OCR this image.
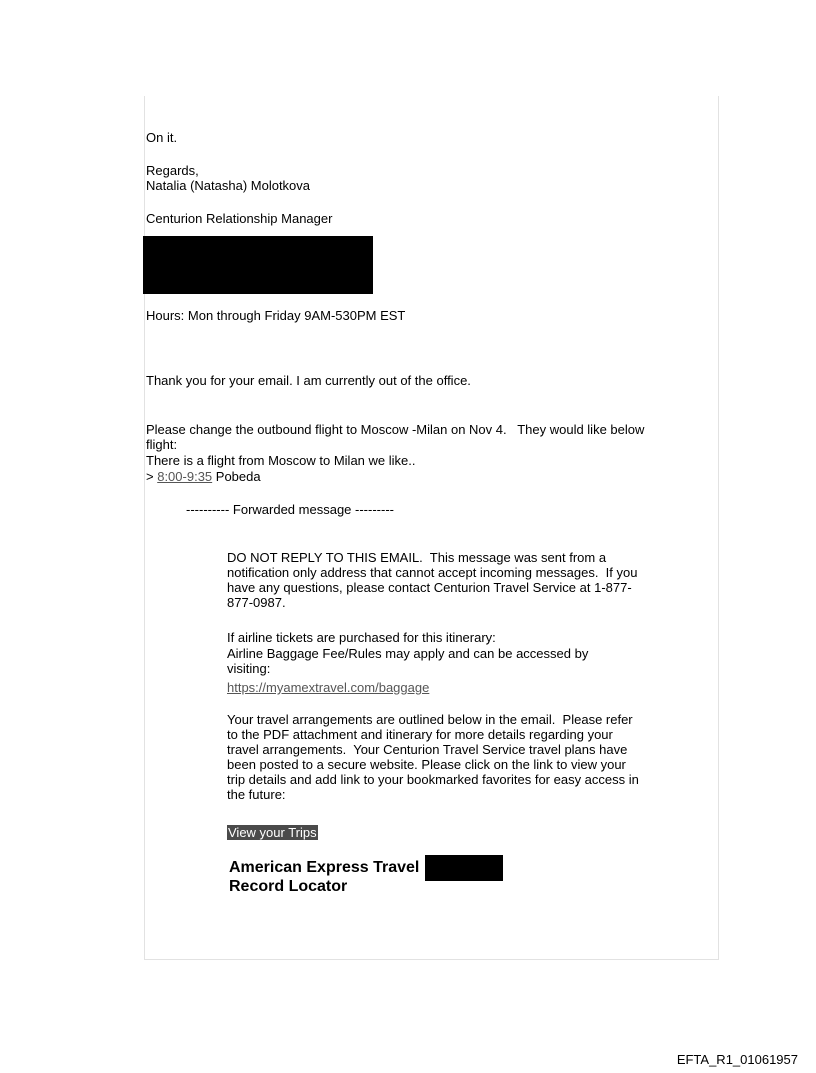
On it.

Regards,

Natalia (Natasha) Molotkova

Centurion Relationship Manager

Hours: Mon through Friday 9AM-530PM EST

Thank you for your email. I am currently out of the office.

Please change the outbound flight to Moscow -Milan on Nov 4.   They would like below

flight:

There is a flight from Moscow to Milan we like..

> 8:00-9:35 Pobeda

---------- Forwarded message ---------

DO NOT REPLY TO THIS EMAIL.  This message was sent from a notification only address that cannot accept incoming messages.  If you have any questions, please contact Centurion Travel Service at 1-877-877-0987.

If airline tickets are purchased for this itinerary:

Airline Baggage Fee/Rules may apply and can be accessed by visiting:

https://myamextravel.com/baggage

Your travel arrangements are outlined below in the email.  Please refer to the PDF attachment and itinerary for more details regarding your travel arrangements.  Your Centurion Travel Service travel plans have been posted to a secure website. Please click on the link to view your trip details and add link to your bookmarked favorites for easy access in the future:

View your Trips

American Express Travel

Record Locator

EFTA_R1_01061957
